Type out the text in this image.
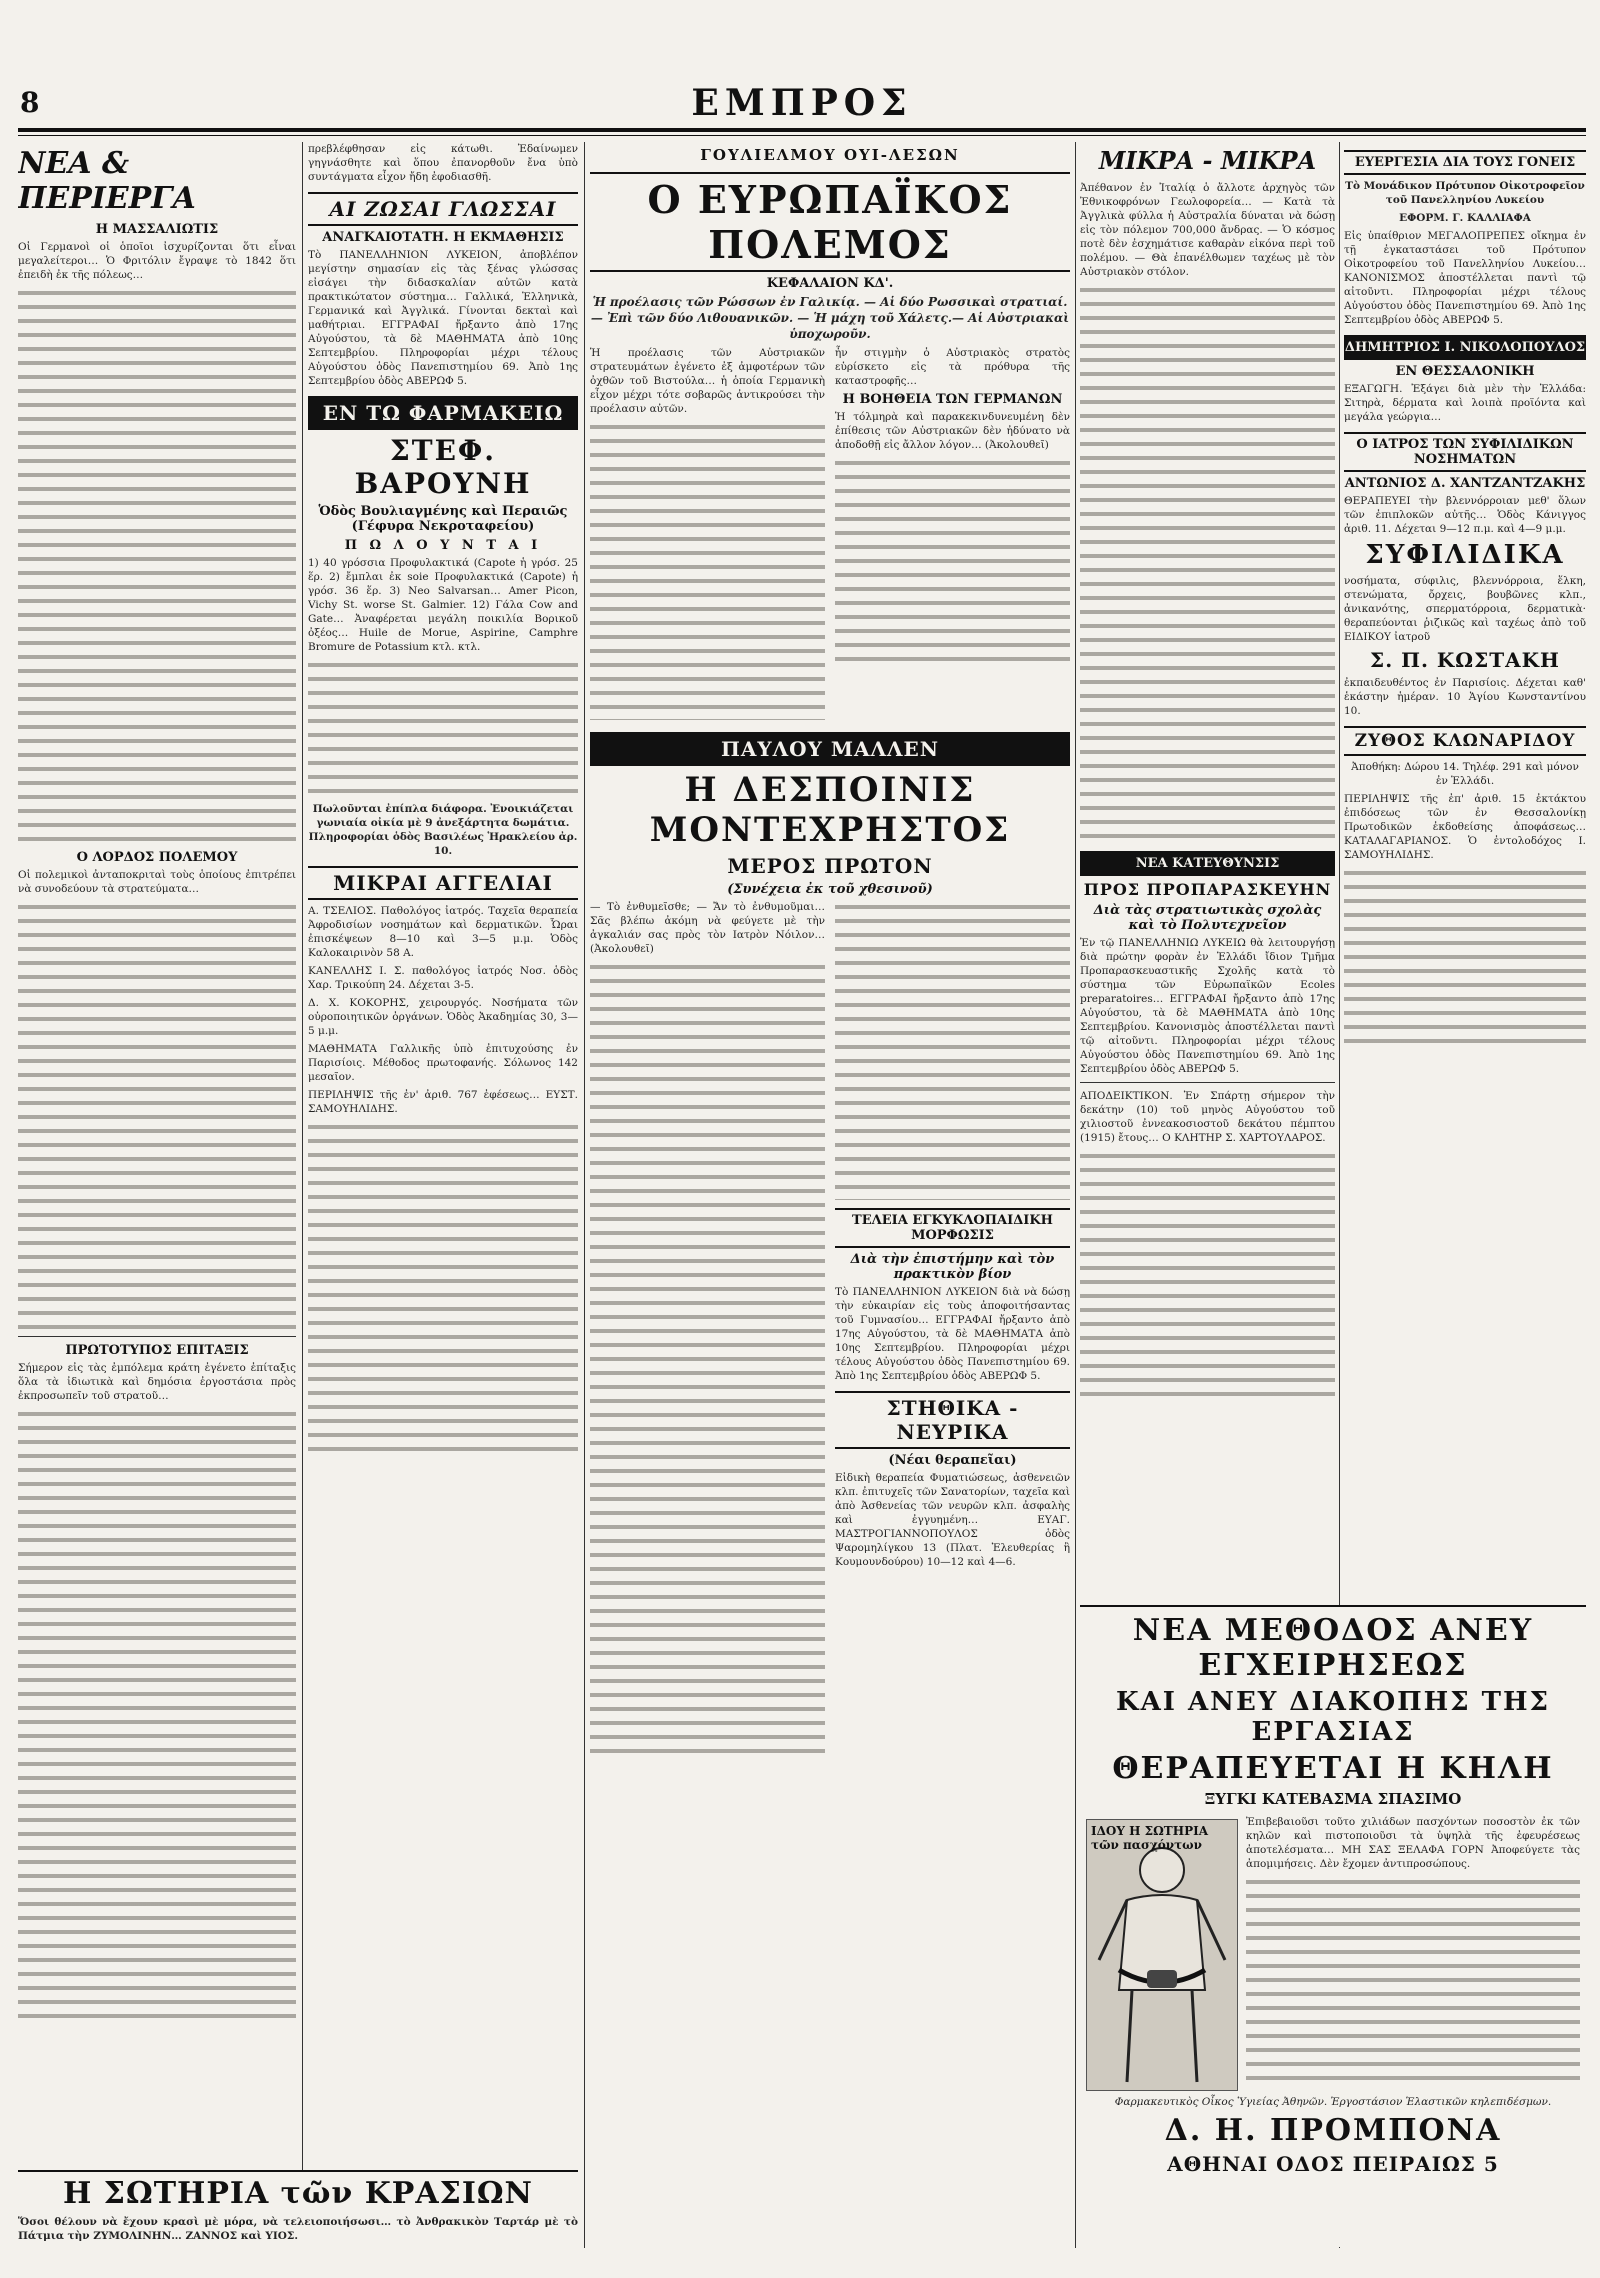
8	ΕΜΠΡΟΣ
ΝΕΑ & ΠΕΡΙΕΡΓΑ
Η ΜΑΣΣΑΛΙΩΤΙΣ

Οἱ Γερμανοὶ οἱ ὁποῖοι ἰσχυρίζονται ὅτι εἶναι μεγαλείτεροι… Ὁ Φριτόλιν ἔγραψε τὸ 1842 ὅτι ἐπειδὴ ἐκ τῆς πόλεως…

Ο ΛΟΡΔΟΣ ΠΟΛΕΜΟΥ

Οἱ πολεμικοὶ ἀνταποκριταὶ τοὺς ὁποίους ἐπιτρέπει νὰ συνοδεύουν τὰ στρατεύματα…

ΠΡΩΤΟΤΥΠΟΣ ΕΠΙΤΑΞΙΣ

Σήμερον εἰς τὰς ἐμπόλεμα κράτη ἐγένετο ἐπίταξις ὅλα τὰ ἰδιωτικὰ καὶ δημόσια ἐργοστάσια πρὸς ἐκπροσωπεῖν τοῦ στρατοῦ…

πρεβλέφθησαν εἰς κάτωθι. Ἐδαίνωμεν γηγνάσθητε καὶ ὅπου ἐπανορθοῦν ἔνα ὑπὸ συντάγματα εἶχον ἤδη ἐφοδιασθῆ.

ΑΙ ΖΩΣΑΙ ΓΛΩΣΣΑΙ
ΑΝΑΓΚΑΙΟΤΑΤΗ. Η ΕΚΜΑΘΗΣΙΣ

Τὸ ΠΑΝΕΛΛΗΝΙΟΝ ΛΥΚΕΙΟΝ, ἀποβλέπον μεγίστην σημασίαν εἰς τὰς ξένας γλώσσας εἰσάγει τὴν διδασκαλίαν αὐτῶν κατὰ πρακτικώτατον σύστημα… Γαλλικά, Ἑλληνικὰ, Γερμανικά καὶ Ἀγγλικά. Γίνονται δεκταὶ καὶ μαθήτριαι. ΕΓΓΡΑΦΑΙ ἤρξαντο ἀπὸ 17ης Αὐγούστου, τὰ δὲ ΜΑΘΗΜΑΤΑ ἀπὸ 10ης Σεπτεμβρίου. Πληροφορίαι μέχρι τέλους Αὐγούστου ὁδὸς Πανεπιστημίου 69. Ἀπὸ 1ης Σεπτεμβρίου ὁδὸς ΑΒΕΡΩΦ 5.

ΕΝ ΤΩ ΦΑΡΜΑΚΕΙΩ
ΣΤΕΦ. ΒΑΡΟΥΝΗ
Ὁδὸς Βουλιαγμένης καὶ Περαιῶς (Γέφυρα Νεκροταφείου)
Π Ω Λ Ο Υ Ν Τ Α Ι

1) 40 γρόσσια Προφυλακτικά (Capote ἡ γρόσ. 25 ἕρ. 2) ἔμπλαι ἐκ soie Προφυλακτικά (Capote) ἡ γρόσ. 36 ἕρ. 3) Neo Salvarsan… Amer Picon, Vichy St. worse St. Galmier. 12) Γάλα Cow and Gate… Ἀναφέρεται μεγάλη ποικιλία Βορικοῦ ὀξέος… Huile de Morue, Aspirine, Camphre Bromure de Potassium κτλ. κτλ.

Πωλοῦνται ἐπίπλα διάφορα. Ἐνοικιάζεται γωνιαία οἰκία μὲ 9 ἀνεξάρτητα δωμάτια. Πληροφορίαι ὁδὸς Βασιλέως Ἡρακλείου ἀρ. 10.

ΜΙΚΡΑΙ ΑΓΓΕΛΙΑΙ

Α. ΤΣΕΛΙΟΣ. Παθολόγος ἰατρός. Ταχεῖα θεραπεία Ἀφροδισίων νοσημάτων καὶ δερματικῶν. Ὧραι ἐπισκέψεων 8—10 καὶ 3—5 μ.μ. Ὁδὸς Καλοκαιρινὸν 58 Α.

ΚΑΝΕΛΛΗΣ Ι. Σ. παθολόγος ἰατρός Νοσ. ὁδὸς Χαρ. Τρικούπη 24. Δέχεται 3-5.

Δ. Χ. ΚΟΚΟΡΗΣ, χειρουργός. Νοσήματα τῶν οὐροποιητικῶν ὀργάνων. Ὁδὸς Ἀκαδημίας 30, 3—5 μ.μ.

ΜΑΘΗΜΑΤΑ Γαλλικῆς ὑπὸ ἐπιτυχούσης ἐν Παρισίοις. Μέθοδος πρωτοφανής. Σόλωνος 142 μεσαῖον.

ΠΕΡΙΛΗΨΙΣ τῆς ἐν' ἀριθ. 767 ἐφέσεως… ΕΥΣΤ. ΣΑΜΟΥΗΛΙΔΗΣ.

ΓΟΥΛΙΕΛΜΟΥ ΟΥΙ-ΛΕΣΩΝ
Ο ΕΥΡΩΠΑΪΚΟΣ ΠΟΛΕΜΟΣ
ΚΕΦΑΛΑΙΟΝ ΚΔ'.

Ἡ προέλασις τῶν Ρώσσων ἐν Γαλικίᾳ. — Αἱ δύο Ρωσσικαὶ στρατιαί.— Ἐπὶ τῶν δύο Λιθουανικῶν. — Ἡ μάχη τοῦ Χάλετς.— Αἱ Αὐστριακαὶ ὑποχωροῦν.

Ἡ προέλασις τῶν Αὐστριακῶν στρατευμάτων ἐγένετο ἐξ ἀμφοτέρων τῶν ὀχθῶν τοῦ Βιστούλα… ἡ ὁποία Γερμανικὴ εἶχον μέχρι τότε σοβαρῶς ἀντικρούσει τὴν προέλασιν αὐτῶν.

ἦν στιγμὴν ὁ Αὐστριακὸς στρατὸς εὑρίσκετο εἰς τὰ πρόθυρα τῆς καταστροφῆς…

Η ΒΟΗΘΕΙΑ ΤΩΝ ΓΕΡΜΑΝΩΝ

Ἡ τόλμηρὰ καὶ παρακεκινδυνευμένη δὲν ἐπίθεσις τῶν Αὐστριακῶν δὲν ἠδύνατο νὰ ἀποδοθῇ εἰς ἄλλον λόγον… (Ἀκολουθεῖ)

ΠΑΥΛΟΥ ΜΑΛΛΕΝ
Η ΔΕΣΠΟΙΝΙΣ ΜΟΝΤΕΧΡΗΣΤΟΣ
ΜΕΡΟΣ ΠΡΩΤΟΝ
(Συνέχεια ἐκ τοῦ χθεσινοῦ)

— Τὸ ἐνθυμεῖσθε; — Ἄν τὸ ἐνθυμοῦμαι… Σᾶς βλέπω ἀκόμη νὰ φεύγετε μὲ τὴν ἀγκαλιάν σας πρὸς τὸν Ιατρὸν Νόιλον… (Ἀκολουθεῖ)

ΤΕΛΕΙΑ ΕΓΚΥΚΛΟΠΑΙΔΙΚΗ ΜΟΡΦΩΣΙΣ
Διὰ τὴν ἐπιστήμην καὶ τὸν πρακτικὸν βίον

Τὸ ΠΑΝΕΛΛΗΝΙΟΝ ΛΥΚΕΙΟΝ διὰ νὰ δώσῃ τὴν εὐκαιρίαν εἰς τοὺς ἀποφοιτήσαντας τοῦ Γυμνασίου… ΕΓΓΡΑΦΑΙ ἤρξαντο ἀπὸ 17ης Αὐγούστου, τὰ δὲ ΜΑΘΗΜΑΤΑ ἀπὸ 10ης Σεπτεμβρίου. Πληροφορίαι μέχρι τέλους Αὐγούστου ὁδὸς Πανεπιστημίου 69. Ἀπὸ 1ης Σεπτεμβρίου ὁδὸς ΑΒΕΡΩΦ 5.

ΣΤΗΘΙΚΑ - ΝΕΥΡΙΚΑ
(Νέαι θεραπεῖαι)

Εἰδικὴ θεραπεία Φυματιώσεως, ἀσθενειῶν κλπ. ἐπιτυχεῖς τῶν Σανατορίων, ταχεῖα καὶ ἀπὸ Ἀσθενείας τῶν νευρῶν κλπ. ἀσφαλὴς καὶ ἐγγυημένη… ΕΥΑΓ. ΜΑΣΤΡΟΓΙΑΝΝΟΠΟΥΛΟΣ ὁδὸς Ψαρομηλίγκου 13 (Πλατ. Ἐλευθερίας ἢ Κουμουνδούρου) 10—12 καὶ 4—6.

ΜΙΚΡΑ - ΜΙΚΡΑ

Ἀπέθανον ἐν Ἰταλίᾳ ὁ ἄλλοτε ἀρχηγὸς τῶν Ἐθνικοφρόνων Γεωλοφορεία… — Κατὰ τὰ Ἀγγλικὰ φύλλα ἡ Αὐστραλία δύναται νὰ δώσῃ εἰς τὸν πόλεμον 700,000 ἄνδρας. — Ὁ κόσμος ποτὲ δὲν ἐσχημάτισε καθαρὰν εἰκόνα περὶ τοῦ πολέμου. — Θὰ ἐπανέλθωμεν ταχέως μὲ τὸν Αὐστριακὸν στόλον.

ΝΕΑ ΚΑΤΕΥΘΥΝΣΙΣ
ΠΡΟΣ ΠΡΟΠΑΡΑΣΚΕΥΗΝ
Διὰ τὰς στρατιωτικὰς σχολὰς καὶ τὸ Πολυτεχνεῖον

Ἐν τῷ ΠΑΝΕΛΛΗΝΙΩ ΛΥΚΕΙΩ θὰ λειτουργήσῃ διὰ πρώτην φορὰν ἐν Ἑλλάδι ἴδιον Τμῆμα Προπαρασκευαστικῆς Σχολῆς κατὰ τὸ σύστημα τῶν Εὐρωπαϊκῶν Ecoles preparatoires… ΕΓΓΡΑΦΑΙ ἤρξαντο ἀπὸ 17ης Αὐγούστου, τὰ δὲ ΜΑΘΗΜΑΤΑ ἀπὸ 10ης Σεπτεμβρίου. Κανονισμὸς ἀποστέλλεται παντὶ τῷ αἰτοῦντι. Πληροφορίαι μέχρι τέλους Αὐγούστου ὁδὸς Πανεπιστημίου 69. Ἀπὸ 1ης Σεπτεμβρίου ὁδὸς ΑΒΕΡΩΦ 5.

ΑΠΟΔΕΙΚΤΙΚΟΝ. Ἐν Σπάρτῃ σήμερον τὴν δεκάτην (10) τοῦ μηνὸς Αὐγούστου τοῦ χιλιοστοῦ ἐννεακοσιοστοῦ δεκάτου πέμπτου (1915) ἔτους… Ο ΚΛΗΤΗΡ Σ. ΧΑΡΤΟΥΛΑΡΟΣ.

ΕΥΕΡΓΕΣΙΑ ΔΙΑ ΤΟΥΣ ΓΟΝΕΙΣ

Τὸ Μονάδικον Πρότυπον Οἰκοτροφεῖον τοῦ Πανελληνίου Λυκείου

ΕΦΟΡΜ. Γ. ΚΑΛΛΙΑΦΑ

Εἰς ὑπαίθριον ΜΕΓΑΛΟΠΡΕΠΕΣ οἴκημα ἐν τῇ ἐγκαταστάσει τοῦ Πρότυπον Οἰκοτροφείου τοῦ Πανελληνίου Λυκείου… ΚΑΝΟΝΙΣΜΟΣ ἀποστέλλεται παντὶ τῷ αἰτοῦντι. Πληροφορίαι μέχρι τέλους Αὐγούστου ὁδὸς Πανεπιστημίου 69. Ἀπὸ 1ης Σεπτεμβρίου ὁδὸς ΑΒΕΡΩΦ 5.

ΔΗΜΗΤΡΙΟΣ Ι. ΝΙΚΟΛΟΠΟΥΛΟΣ
ΕΝ ΘΕΣΣΑΛΟΝΙΚΗ

ΕΞΑΓΩΓΗ. Ἐξάγει διὰ μὲν τὴν Ἑλλάδα: Σιτηρὰ, δέρματα καὶ λοιπὰ προϊόντα καὶ μεγάλα γεώργια…

Ο ΙΑΤΡΟΣ ΤΩΝ ΣΥΦΙΛΙΔΙΚΩΝ ΝΟΣΗΜΑΤΩΝ
ΑΝΤΩΝΙΟΣ Δ. ΧΑΝΤΖΑΝΤΖΑΚΗΣ

ΘΕΡΑΠΕΥΕΙ τὴν βλεννόρροιαν μεθ' ὅλων τῶν ἐπιπλοκῶν αὐτῆς… Ὁδὸς Κάνιγγος ἀριθ. 11. Δέχεται 9—12 π.μ. καὶ 4—9 μ.μ.

ΣΥΦΙΛΙΔΙΚΑ

νοσήματα, σύφιλις, βλεννόρροια, ἕλκη, στενώματα, ὄρχεις, βουβῶνες κλπ., ἀνικανότης, σπερματόρροια, δερματικὰ· θεραπεύονται ῥιζικῶς καὶ ταχέως ἀπὸ τοῦ ΕΙΔΙΚΟΥ ἰατροῦ

Σ. Π. ΚΩΣΤΑΚΗ

ἐκπαιδευθέντος ἐν Παρισίοις. Δέχεται καθ' ἑκάστην ἡμέραν. 10 Ἁγίου Κωνσταντίνου 10.

ΖΥΘΟΣ ΚΛΩΝΑΡΙΔΟΥ

Ἀποθήκη: Δώρου 14. Τηλέφ. 291 καὶ μόνον ἐν Ἑλλάδι.

ΠΕΡΙΛΗΨΙΣ τῆς ἐπ' ἀριθ. 15 ἐκτάκτου ἐπιδόσεως τῶν ἐν Θεσσαλονίκῃ Πρωτοδικῶν ἐκδοθείσης ἀποφάσεως… ΚΑΤΑΛΑΓΑΡΙΑΝΟΣ. Ὁ ἐντολοδόχος Ι. ΣΑΜΟΥΗΛΙΔΗΣ.

ΝΕΑ ΜΕΘΟΔΟΣ ΑΝΕΥ ΕΓΧΕΙΡΗΣΕΩΣ
ΚΑΙ ΑΝΕΥ ΔΙΑΚΟΠΗΣ ΤΗΣ ΕΡΓΑΣΙΑΣ
ΘΕΡΑΠΕΥΕΤΑΙ Η ΚΗΛΗ
ΞΥΓΚΙ ΚΑΤΕΒΑΣΜΑ ΣΠΑΣΙΜΟ
ΙΔΟΥ Η ΣΩΤΗΡΙΑ τῶν πασχόντων

Ἐπιβεβαιοῦσι τοῦτο χιλιάδων πασχόντων ποσοστὸν ἐκ τῶν κηλῶν καὶ πιστοποιοῦσι τὰ ὑψηλὰ τῆς ἐφευρέσεως ἀποτελέσματα… ΜΗ ΣΑΣ ΞΕΛΑΦΑ ΓΟΡΝ Ἀποφεύγετε τὰς ἀπομιμήσεις. Δὲν ἔχομεν ἀντιπροσώπους.

Φαρμακευτικὸς Οἶκος Ὑγιείας Ἀθηνῶν. Ἐργοστάσιον Ἑλαστικῶν κηλεπιδέσμων.

Δ. Η. ΠΡΟΜΠΟΝΑ
ΑΘΗΝΑΙ ΟΔΟΣ ΠΕΙΡΑΙΩΣ 5
Η ΣΩΤΗΡΙΑ τῶν ΚΡΑΣΙΩΝ

Ὅσοι θέλουν νὰ ἔχουν κρασὶ μὲ μόρα, νὰ τελειοποιήσωσι… τὸ Ἀνθρακικὸν Ταρτάρ μὲ τὸ Πάτμια τὴν ΖΥΜΟΛΙΝΗΝ… ΖΑΝΝΟΣ καὶ ΥΙΟΣ.
